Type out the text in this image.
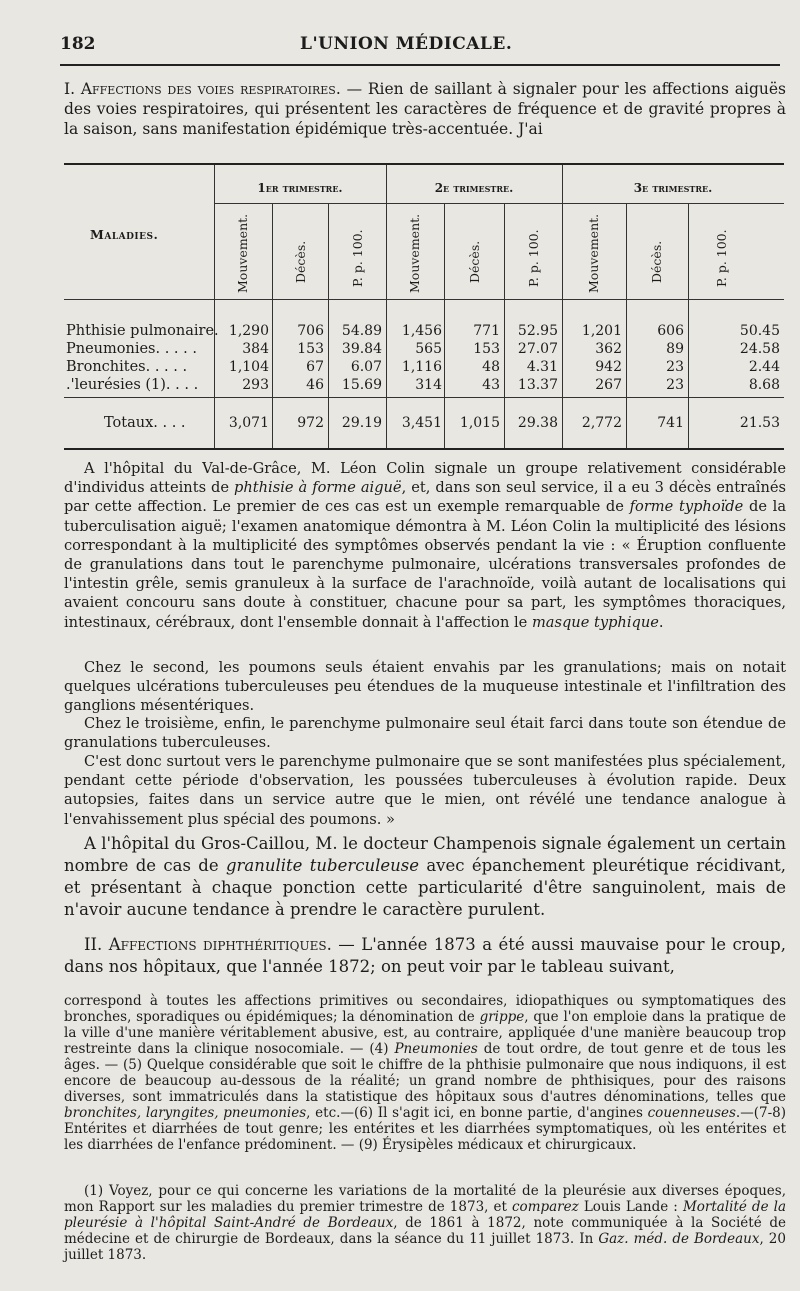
182	L'UNION MÉDICALE.
I. Affections des voies respiratoires. — Rien de saillant à signaler pour les affections aiguës des voies respiratoires, qui présentent les caractères de fréquence et de gravité propres à la saison, sans manifestation épidémique très-accentuée. J'ai
Maladies.
1er trimestre.	2e trimestre.	3e trimestre.
Mouvement.	Décès.	P. p. 100.	Mouvement.	Décès.	P. p. 100.	Mouvement.	Décès.	P. p. 100.
Phthisie pulmonaire. 1,290	706	54.89	1,456	771	52.95	1,201	606	50.45
Pneumonies. . . . .	384	153	39.84	565	153	27.07	362	89	24.58
Bronchites. . . . .	1,104	67	6.07	1,116	48	4.31	942	23	2.44
.'leurésies (1). . . .	293	46	15.69	314	43	13.37	267	23	8.68
Totaux. . . .	3,071	972	29.19	3,451	1,015	29.38	2,772	741	21.53
A l'hôpital du Val-de-Grâce, M. Léon Colin signale un groupe relativement considérable d'individus atteints de phthisie à forme aiguë, et, dans son seul service, il a eu 3 décès entraînés par cette affection. Le premier de ces cas est un exemple remarquable de forme typhoïde de la tuberculisation aiguë; l'examen anatomique démontra à M. Léon Colin la multiplicité des lésions correspondant à la multiplicité des symptômes observés pendant la vie : « Éruption confluente de granulations dans tout le parenchyme pulmonaire, ulcérations transversales profondes de l'intestin grêle, semis granuleux à la surface de l'arachnoïde, voilà autant de localisations qui avaient concouru sans doute à constituer, chacune pour sa part, les symptômes thoraciques, intestinaux, cérébraux, dont l'ensemble donnait à l'affection le masque typhique.
Chez le second, les poumons seuls étaient envahis par les granulations; mais on notait quelques ulcérations tuberculeuses peu étendues de la muqueuse intestinale et l'infiltration des ganglions mésentériques.
Chez le troisième, enfin, le parenchyme pulmonaire seul était farci dans toute son étendue de granulations tuberculeuses.
C'est donc surtout vers le parenchyme pulmonaire que se sont manifestées plus spécialement, pendant cette période d'observation, les poussées tuberculeuses à évolution rapide. Deux autopsies, faites dans un service autre que le mien, ont révélé une tendance analogue à l'envahissement plus spécial des poumons. »
A l'hôpital du Gros-Caillou, M. le docteur Champenois signale également un certain nombre de cas de granulite tuberculeuse avec épanchement pleurétique récidivant, et présentant à chaque ponction cette particularité d'être sanguinolent, mais de n'avoir aucune tendance à prendre le caractère purulent.
II. Affections diphthéritiques. — L'année 1873 a été aussi mauvaise pour le croup, dans nos hôpitaux, que l'année 1872; on peut voir par le tableau suivant,
correspond à toutes les affections primitives ou secondaires, idiopathiques ou symptomatiques des bronches, sporadiques ou épidémiques; la dénomination de grippe, que l'on emploie dans la pratique de la ville d'une manière véritablement abusive, est, au contraire, appliquée d'une manière beaucoup trop restreinte dans la clinique nosocomiale. — (4) Pneumonies de tout ordre, de tout genre et de tous les âges. — (5) Quelque considérable que soit le chiffre de la phthisie pulmonaire que nous indiquons, il est encore de beaucoup au-dessous de la réalité; un grand nombre de phthisiques, pour des raisons diverses, sont immatriculés dans la statistique des hôpitaux sous d'autres dénominations, telles que bronchites, laryngites, pneumonies, etc.—(6) Il s'agit ici, en bonne partie, d'angines couenneuses.—(7-8) Entérites et diarrhées de tout genre; les entérites et les diarrhées symptomatiques, où les entérites et les diarrhées de l'enfance prédominent. — (9) Érysipèles médicaux et chirurgicaux.
(1) Voyez, pour ce qui concerne les variations de la mortalité de la pleurésie aux diverses époques, mon Rapport sur les maladies du premier trimestre de 1873, et comparez Louis Lande : Mortalité de la pleurésie à l'hôpital Saint-André de Bordeaux, de 1861 à 1872, note communiquée à la Société de médecine et de chirurgie de Bordeaux, dans la séance du 11 juillet 1873. In Gaz. méd. de Bordeaux, 20 juillet 1873.
